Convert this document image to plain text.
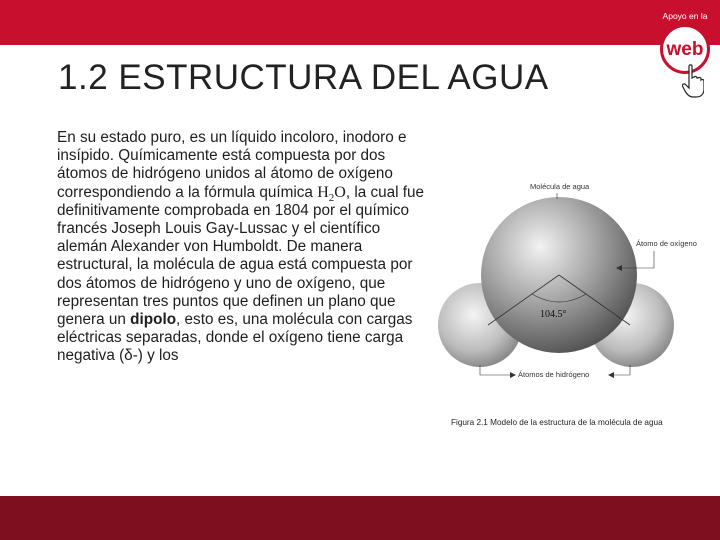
Apoyo en la
web
1.2 ESTRUCTURA DEL AGUA

En su estado puro, es un líquido incoloro, inodoro e insípido. Químicamente está compuesta por dos átomos de hidrógeno unidos al átomo de oxígeno correspondiendo a la fórmula química $H_2O$, la cual fue definitivamente comprobada en 1804 por el químico francés Joseph Louis Gay-Lussac y el científico alemán Alexander von Humboldt. De manera estructural, la molécula de agua está compuesta por dos átomos de hidrógeno y uno de oxígeno, que representan tres puntos que definen un plano que genera un dipolo, esto es, una molécula con cargas eléctricas separadas, donde el oxígeno tiene carga negativa (δ-) y los

104.5°
Molécula de agua
Átomo de oxígeno
Átomos de hidrógeno

Figura 2.1 Modelo de la estructura de la molécula de agua
